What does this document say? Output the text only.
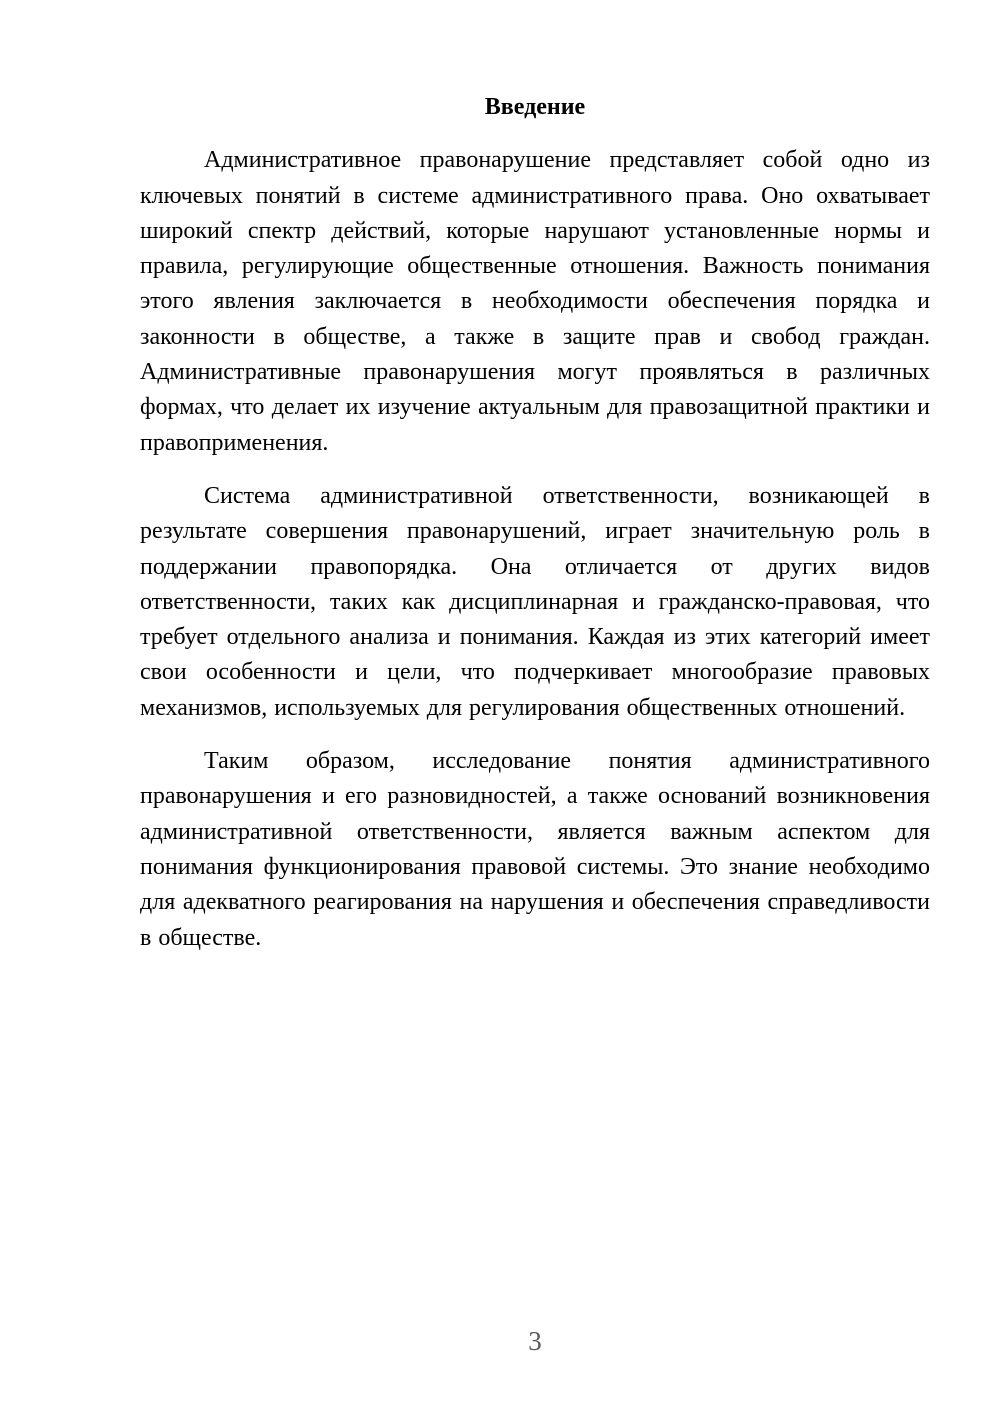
Введение

Административное правонарушение представляет собой одно из ключевых понятий в системе административного права. Оно охватывает широкий спектр действий, которые нарушают установленные нормы и правила, регулирующие общественные отношения. Важность понимания этого явления заключается в необходимости обеспечения порядка и законности в обществе, а также в защите прав и свобод граждан. Административные правонарушения могут проявляться в различных формах, что делает их изучение актуальным для правозащитной практики и правоприменения.

Система административной ответственности, возникающей в результате совершения правонарушений, играет значительную роль в поддержании правопорядка. Она отличается от других видов ответственности, таких как дисциплинарная и гражданско-правовая, что требует отдельного анализа и понимания. Каждая из этих категорий имеет свои особенности и цели, что подчеркивает многообразие правовых механизмов, используемых для регулирования общественных отношений.

Таким образом, исследование понятия административного правонарушения и его разновидностей, а также оснований возникновения административной ответственности, является важным аспектом для понимания функционирования правовой системы. Это знание необходимо для адекватного реагирования на нарушения и обеспечения справедливости в обществе.

3
